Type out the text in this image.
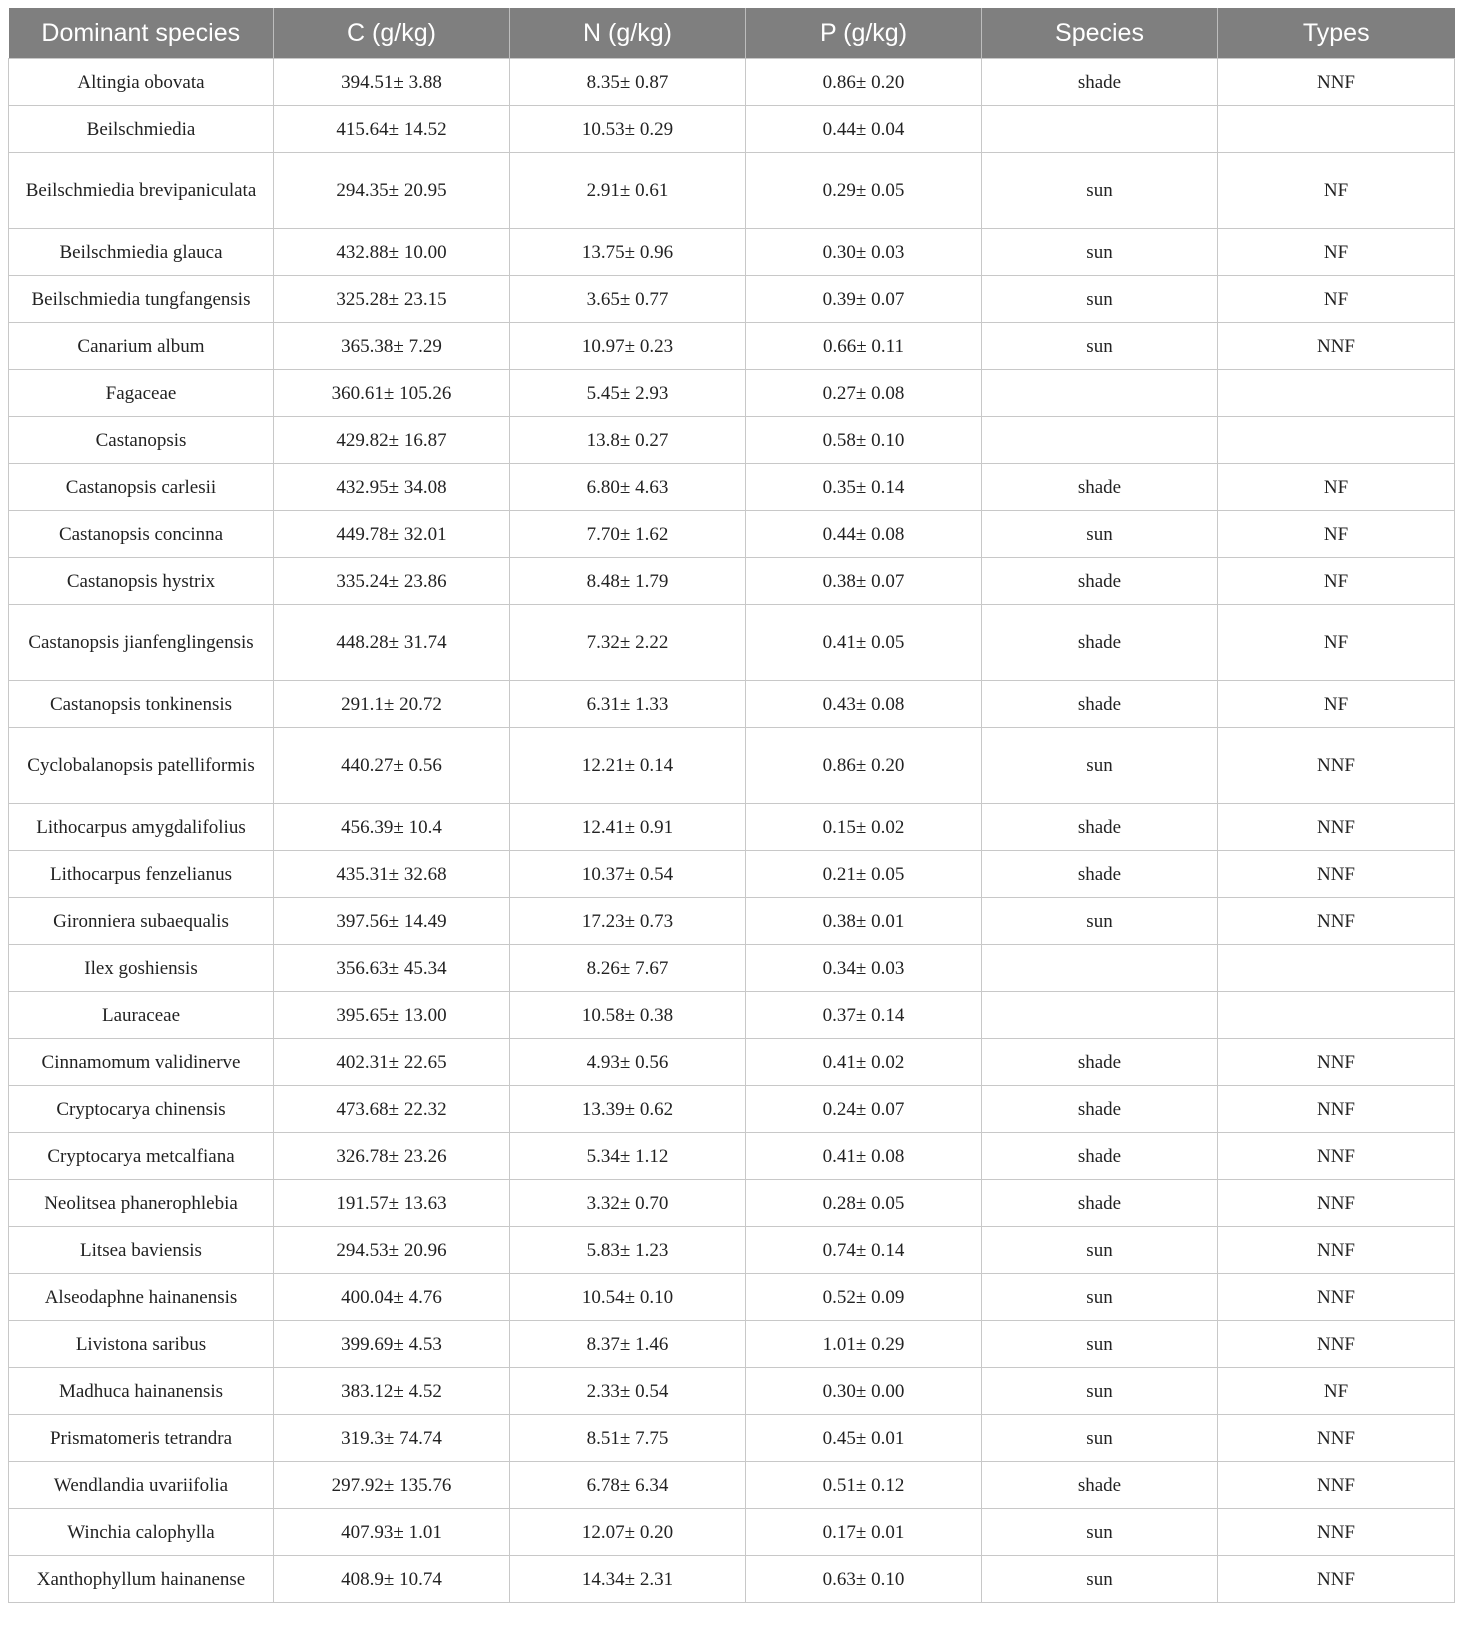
Dominant species	C (g/kg)	N (g/kg)	P (g/kg)	Species	Types
Altingia obovata	394.51± 3.88	8.35± 0.87	0.86± 0.20	shade	NNF
Beilschmiedia	415.64± 14.52	10.53± 0.29	0.44± 0.04		
Beilschmiedia brevipaniculata	294.35± 20.95	2.91± 0.61	0.29± 0.05	sun	NF
Beilschmiedia glauca	432.88± 10.00	13.75± 0.96	0.30± 0.03	sun	NF
Beilschmiedia tungfangensis	325.28± 23.15	3.65± 0.77	0.39± 0.07	sun	NF
Canarium album	365.38± 7.29	10.97± 0.23	0.66± 0.11	sun	NNF
Fagaceae	360.61± 105.26	5.45± 2.93	0.27± 0.08		
Castanopsis	429.82± 16.87	13.8± 0.27	0.58± 0.10		
Castanopsis carlesii	432.95± 34.08	6.80± 4.63	0.35± 0.14	shade	NF
Castanopsis concinna	449.78± 32.01	7.70± 1.62	0.44± 0.08	sun	NF
Castanopsis hystrix	335.24± 23.86	8.48± 1.79	0.38± 0.07	shade	NF
Castanopsis jianfenglingensis	448.28± 31.74	7.32± 2.22	0.41± 0.05	shade	NF
Castanopsis tonkinensis	291.1± 20.72	6.31± 1.33	0.43± 0.08	shade	NF
Cyclobalanopsis patelliformis	440.27± 0.56	12.21± 0.14	0.86± 0.20	sun	NNF
Lithocarpus amygdalifolius	456.39± 10.4	12.41± 0.91	0.15± 0.02	shade	NNF
Lithocarpus fenzelianus	435.31± 32.68	10.37± 0.54	0.21± 0.05	shade	NNF
Gironniera subaequalis	397.56± 14.49	17.23± 0.73	0.38± 0.01	sun	NNF
Ilex goshiensis	356.63± 45.34	8.26± 7.67	0.34± 0.03		
Lauraceae	395.65± 13.00	10.58± 0.38	0.37± 0.14		
Cinnamomum validinerve	402.31± 22.65	4.93± 0.56	0.41± 0.02	shade	NNF
Cryptocarya chinensis	473.68± 22.32	13.39± 0.62	0.24± 0.07	shade	NNF
Cryptocarya metcalfiana	326.78± 23.26	5.34± 1.12	0.41± 0.08	shade	NNF
Neolitsea phanerophlebia	191.57± 13.63	3.32± 0.70	0.28± 0.05	shade	NNF
Litsea baviensis	294.53± 20.96	5.83± 1.23	0.74± 0.14	sun	NNF
Alseodaphne hainanensis	400.04± 4.76	10.54± 0.10	0.52± 0.09	sun	NNF
Livistona saribus	399.69± 4.53	8.37± 1.46	1.01± 0.29	sun	NNF
Madhuca hainanensis	383.12± 4.52	2.33± 0.54	0.30± 0.00	sun	NF
Prismatomeris tetrandra	319.3± 74.74	8.51± 7.75	0.45± 0.01	sun	NNF
Wendlandia uvariifolia	297.92± 135.76	6.78± 6.34	0.51± 0.12	shade	NNF
Winchia calophylla	407.93± 1.01	12.07± 0.20	0.17± 0.01	sun	NNF
Xanthophyllum hainanense	408.9± 10.74	14.34± 2.31	0.63± 0.10	sun	NNF
